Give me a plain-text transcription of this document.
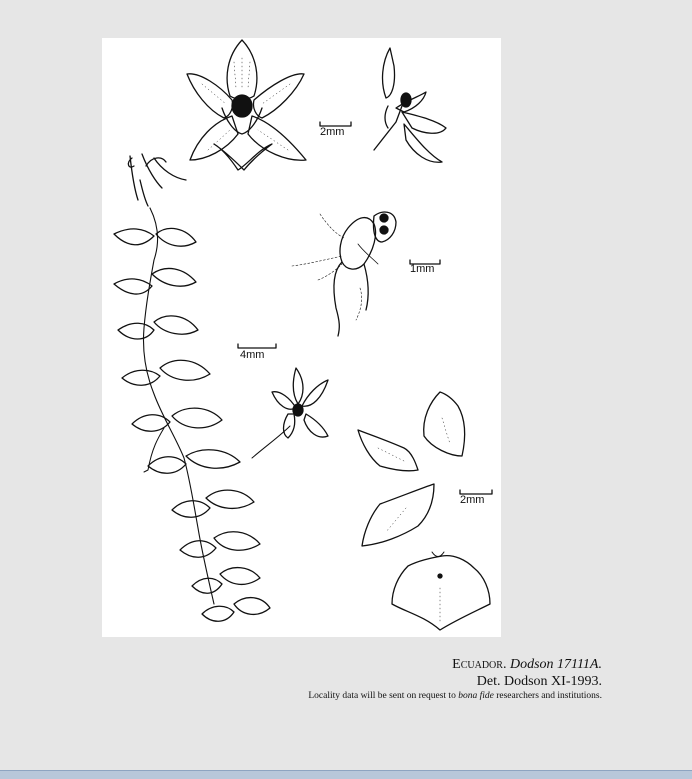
2mm
1mm
4mm
2mm
Ecuador. Dodson 17111A.
Det. Dodson XI-1993.
Locality data will be sent on request to bona fide researchers and institutions.
